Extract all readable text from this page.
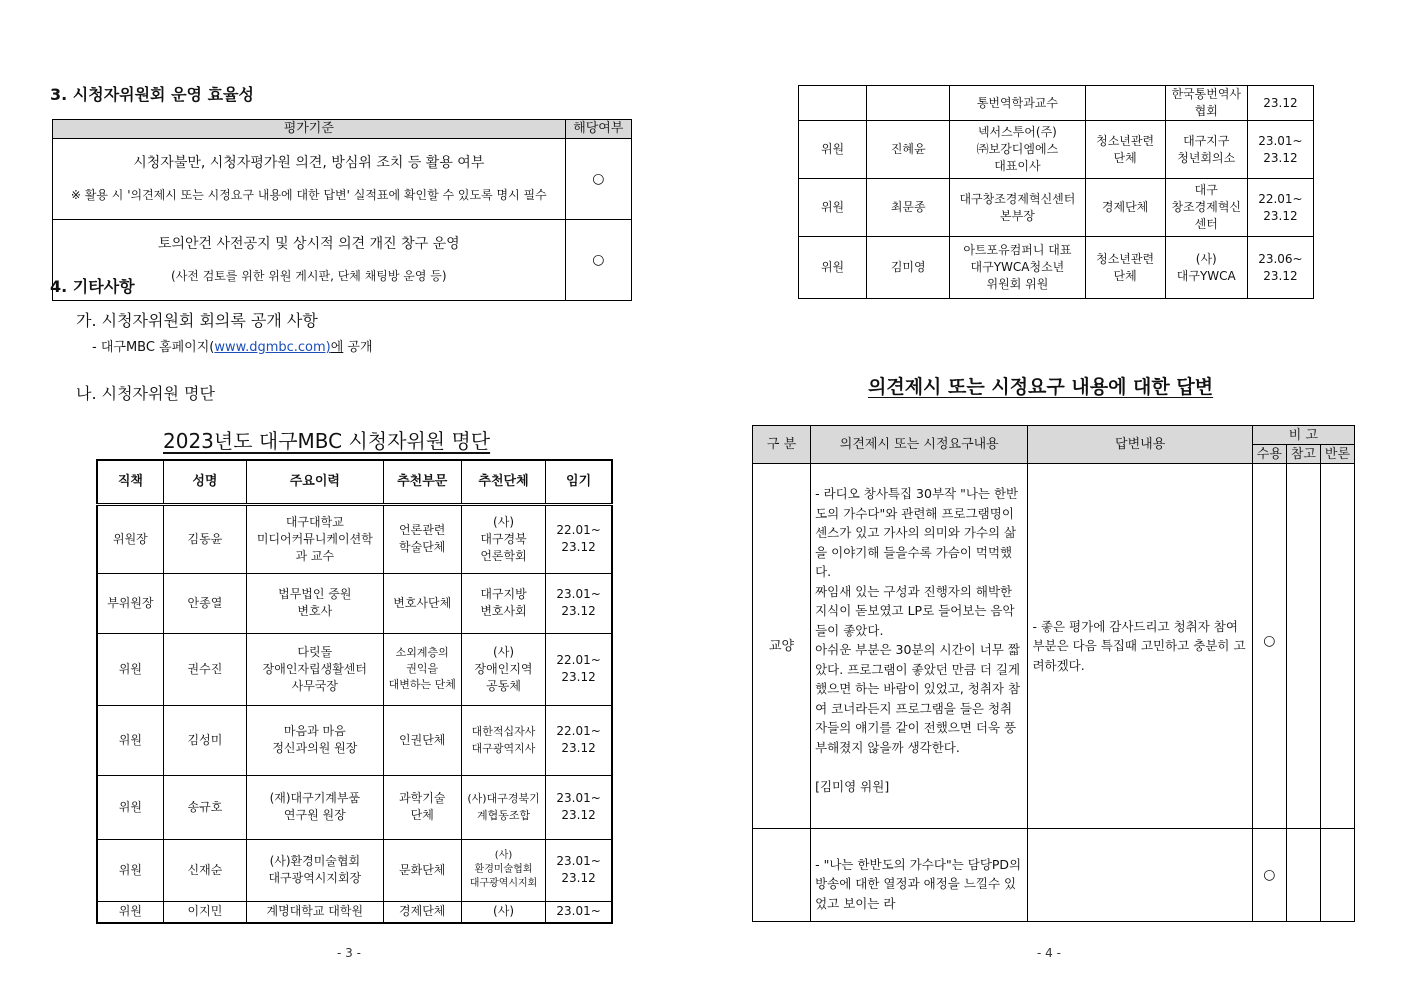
3. 시청자위원회 운영 효율성
평가기준	해당여부

시청자불만, 시청자평가원 의견, 방심위 조치 등 활용 여부

※ 활용 시 '의견제시 또는 시정요구 내용에 대한 답변' 실적표에 확인할 수 있도록 명시 필수	○

토의안건 사전공지 및 상시적 의견 개진 창구 운영

(사전 검토를 위한 위원 게시판, 단체 채팅방 운영 등)	○
4. 기타사항
가. 시청자위원회 회의록 공개 사항
- 대구MBC 홈페이지(www.dgmbc.com)에 공개
나. 시청자위원 명단
2023년도 대구MBC 시청자위원 명단
직책	성명	주요이력	추천부문	추천단체	임기
위원장	김동윤	대구대학교
미디어커뮤니케이션학
과 교수	언론관련
학술단체	(사)
대구경북
언론학회	22.01~
23.12
부위원장	안종열	법무법인 중원
변호사	변호사단체	대구지방
변호사회	23.01~
23.12
위원	권수진	다릿돌
장애인자립생활센터
사무국장	소외계층의
권익을
대변하는 단체	(사)
장애인지역
공동체	22.01~
23.12
위원	김성미	마음과 마음
정신과의원 원장	인권단체	대한적십자사
대구광역지사	22.01~
23.12
위원	송규호	(재)대구기계부품
연구원 원장	과학기술
단체	(사)대구경북기
계협동조합	23.01~
23.12
위원	신재순	(사)환경미술협회
대구광역시지회장	문화단체	(사)
환경미술협회
대구광역시지회	23.01~
23.12
위원	이지민	계명대학교 대학원	경제단체	(사)	23.01~
- 3 -
		통번역학과교수		한국통번역사
협회	23.12
위원	진혜윤	넥서스투어(주)
㈜보강디엠에스
대표이사	청소년관련
단체	대구지구
청년회의소	23.01~
23.12
위원	최문종	대구창조경제혁신센터
본부장	경제단체	대구
창조경제혁신
센터	22.01~
23.12
위원	김미영	아트포유컴퍼니 대표
대구YWCA청소년
위원회 위원	청소년관련
단체	(사)
대구YWCA	23.06~
23.12
의견제시 또는 시정요구 내용에 대한 답변
구 분	의견제시 또는 시정요구내용	답변내용	비 고		
			수용	참고	반론
교양	- 라디오 창사특집 30부작 "나는 한반도의 가수다"와 관련해 프로그램명이 센스가 있고 가사의 의미와 가수의 삶을 이야기해 들을수록 가슴이 먹먹했다.
짜임새 있는 구성과 진행자의 해박한 지식이 돋보였고 LP로 들어보는 음악들이 좋았다.
아쉬운 부분은 30분의 시간이 너무 짧았다. 프로그램이 좋았던 만큼 더 길게 했으면 하는 바람이 있었고, 청취자 참여 코너라든지 프로그램을 들은 청취자들의 얘기를 같이 전했으면 더욱 풍부해졌지 않을까 생각한다.

[김미영 위원]	- 좋은 평가에 감사드리고 청취자 참여부분은 다음 특집때 고민하고 충분히 고려하겠다.	○		
	- "나는 한반도의 가수다"는 담당PD의 방송에 대한 열정과 애정을 느낄수 있었고 보이는 라		○		
- 4 -
